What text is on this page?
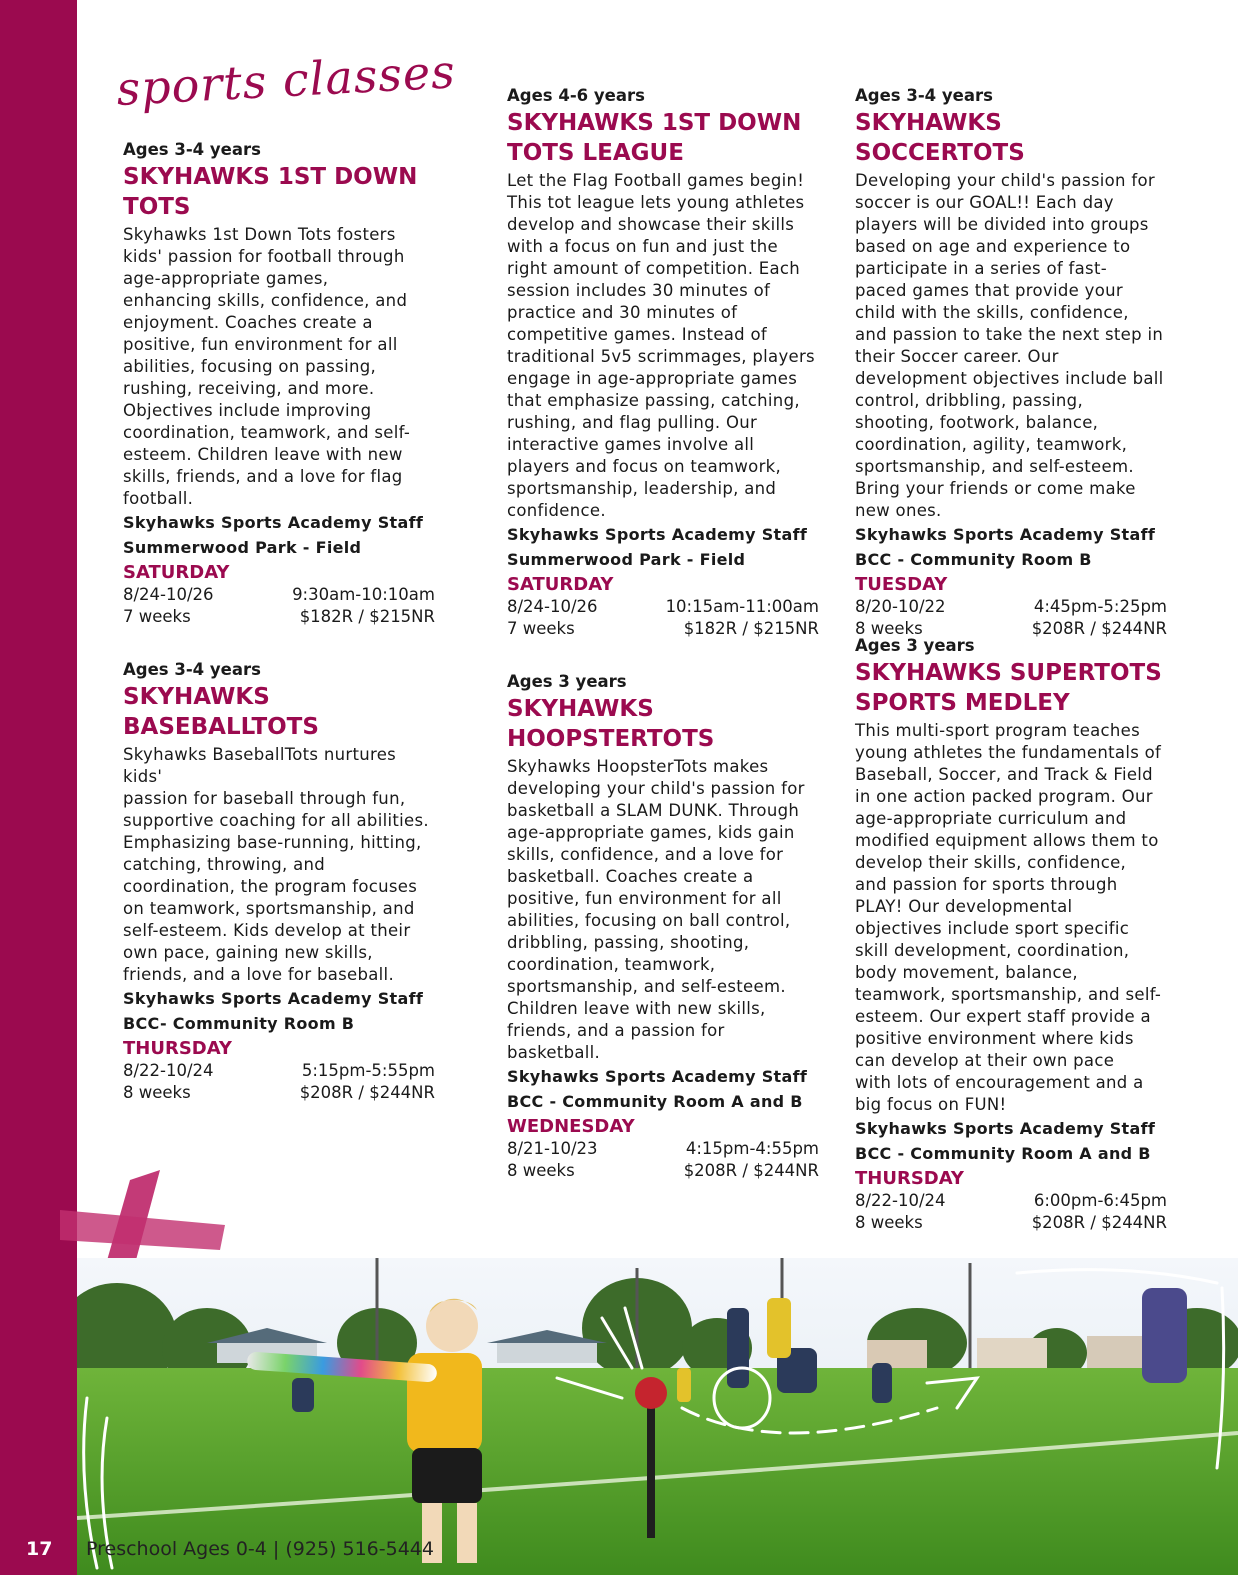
sports classes

Ages 3-4 years

SKYHAWKS 1ST DOWN
TOTS
Skyhawks 1st Down Tots fosters
kids' passion for football through
age-appropriate games,
enhancing skills, confidence, and
enjoyment. Coaches create a
positive, fun environment for all
abilities, focusing on passing,
rushing, receiving, and more.
Objectives include improving
coordination, teamwork, and self-
esteem. Children leave with new
skills, friends, and a love for flag
football.

Skyhawks Sports Academy Staff

Summerwood Park - Field

SATURDAY

8/24-10/26	9:30am-10:10am
7 weeks	$182R / $215NR

Ages 3-4 years

SKYHAWKS
BASEBALLTOTS
Skyhawks BaseballTots nurtures kids'
passion for baseball through fun,
supportive coaching for all abilities.
Emphasizing base-running, hitting,
catching, throwing, and
coordination, the program focuses
on teamwork, sportsmanship, and
self-esteem. Kids develop at their
own pace, gaining new skills,
friends, and a love for baseball.

Skyhawks Sports Academy Staff

BCC- Community Room B

THURSDAY

8/22-10/24	5:15pm-5:55pm
8 weeks	$208R / $244NR

Ages 4-6 years

SKYHAWKS 1ST DOWN
TOTS LEAGUE
Let the Flag Football games begin!
This tot league lets young athletes
develop and showcase their skills
with a focus on fun and just the
right amount of competition. Each
session includes 30 minutes of
practice and 30 minutes of
competitive games. Instead of
traditional 5v5 scrimmages, players
engage in age-appropriate games
that emphasize passing, catching,
rushing, and flag pulling. Our
interactive games involve all
players and focus on teamwork,
sportsmanship, leadership, and
confidence.

Skyhawks Sports Academy Staff

Summerwood Park - Field

SATURDAY

8/24-10/26	10:15am-11:00am
7 weeks	$182R / $215NR

Ages 3 years

SKYHAWKS
HOOPSTERTOTS
Skyhawks HoopsterTots makes
developing your child's passion for
basketball a SLAM DUNK. Through
age-appropriate games, kids gain
skills, confidence, and a love for
basketball. Coaches create a
positive, fun environment for all
abilities, focusing on ball control,
dribbling, passing, shooting,
coordination, teamwork,
sportsmanship, and self-esteem.
Children leave with new skills,
friends, and a passion for
basketball.

Skyhawks Sports Academy Staff

BCC - Community Room A and B

WEDNESDAY

8/21-10/23	4:15pm-4:55pm
8 weeks	$208R / $244NR

Ages 3-4 years

SKYHAWKS SOCCERTOTS
Developing your child's passion for
soccer is our GOAL!! Each day
players will be divided into groups
based on age and experience to
participate in a series of fast-
paced games that provide your
child with the skills, confidence,
and passion to take the next step in
their Soccer career. Our
development objectives include ball
control, dribbling, passing,
shooting, footwork, balance,
coordination, agility, teamwork,
sportsmanship, and self-esteem.
Bring your friends or come make
new ones.

Skyhawks Sports Academy Staff

BCC - Community Room B

TUESDAY

8/20-10/22	4:45pm-5:25pm
8 weeks	$208R / $244NR

Ages 3 years

SKYHAWKS SUPERTOTS
SPORTS MEDLEY
This multi-sport program teaches
young athletes the fundamentals of
Baseball, Soccer, and Track & Field
in one action packed program. Our
age-appropriate curriculum and
modified equipment allows them to
develop their skills, confidence,
and passion for sports through
PLAY! Our developmental
objectives include sport specific
skill development, coordination,
body movement, balance,
teamwork, sportsmanship, and self-
esteem. Our expert staff provide a
positive environment where kids
can develop at their own pace
with lots of encouragement and a
big focus on FUN!

Skyhawks Sports Academy Staff

BCC - Community Room A and B

THURSDAY

8/22-10/24	6:00pm-6:45pm
8 weeks	$208R / $244NR
17 Preschool Ages 0-4 | (925) 516-5444
